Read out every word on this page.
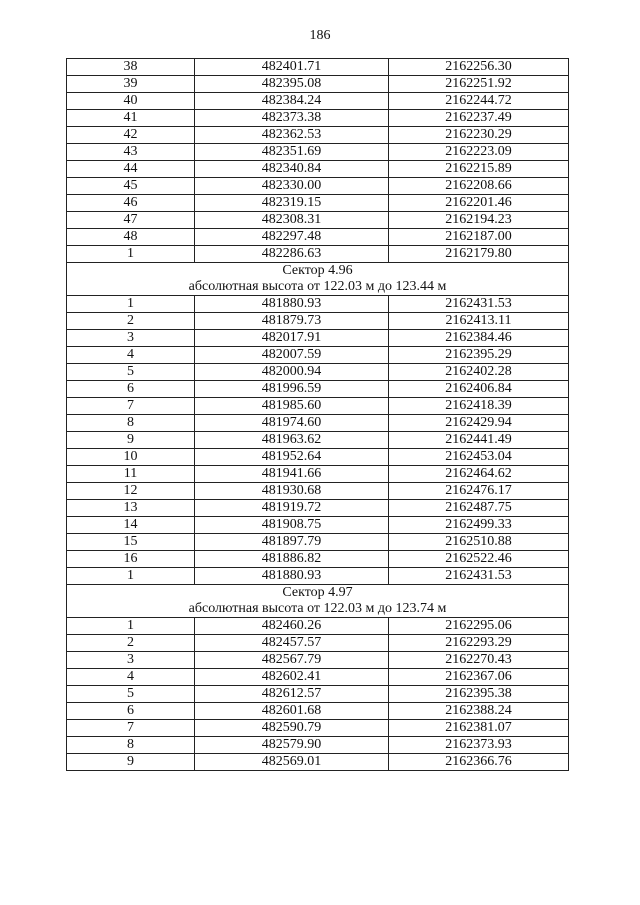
186
38	482401.71	2162256.30
39	482395.08	2162251.92
40	482384.24	2162244.72
41	482373.38	2162237.49
42	482362.53	2162230.29
43	482351.69	2162223.09
44	482340.84	2162215.89
45	482330.00	2162208.66
46	482319.15	2162201.46
47	482308.31	2162194.23
48	482297.48	2162187.00
1	482286.63	2162179.80

Сектор 4.96
абсолютная высота от 122.03 м до 123.44 м		

1	481880.93	2162431.53
2	481879.73	2162413.11
3	482017.91	2162384.46
4	482007.59	2162395.29
5	482000.94	2162402.28
6	481996.59	2162406.84
7	481985.60	2162418.39
8	481974.60	2162429.94
9	481963.62	2162441.49
10	481952.64	2162453.04
11	481941.66	2162464.62
12	481930.68	2162476.17
13	481919.72	2162487.75
14	481908.75	2162499.33
15	481897.79	2162510.88
16	481886.82	2162522.46
1	481880.93	2162431.53

Сектор 4.97
абсолютная высота от 122.03 м до 123.74 м		

1	482460.26	2162295.06
2	482457.57	2162293.29
3	482567.79	2162270.43
4	482602.41	2162367.06
5	482612.57	2162395.38
6	482601.68	2162388.24
7	482590.79	2162381.07
8	482579.90	2162373.93
9	482569.01	2162366.76
